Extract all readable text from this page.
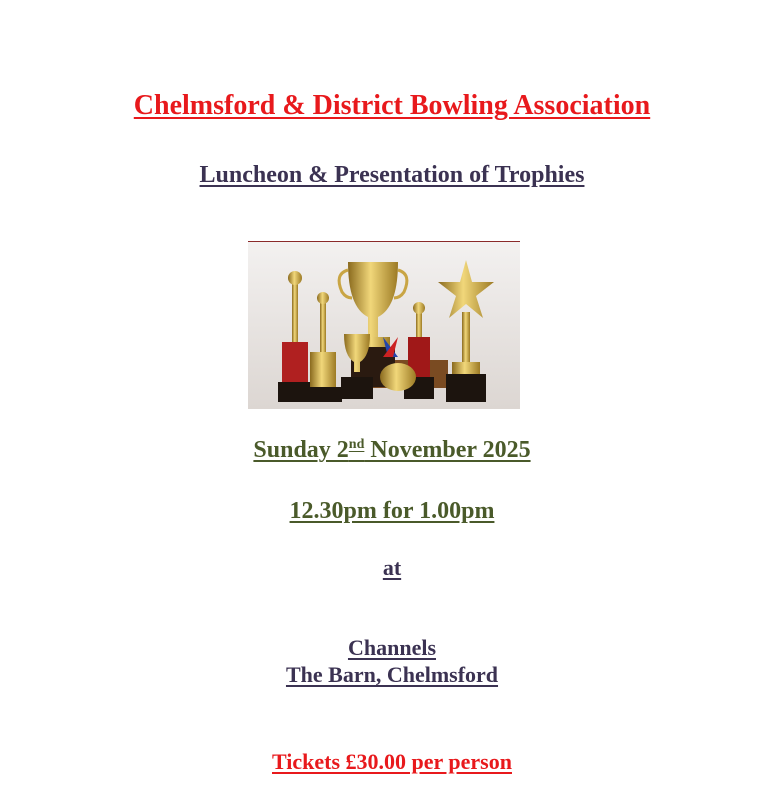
Chelmsford & District Bowling Association
Luncheon & Presentation of Trophies
Sunday 2nd November 2025
12.30pm for 1.00pm
at
Channels
The Barn, Chelmsford
Tickets £30.00 per person
